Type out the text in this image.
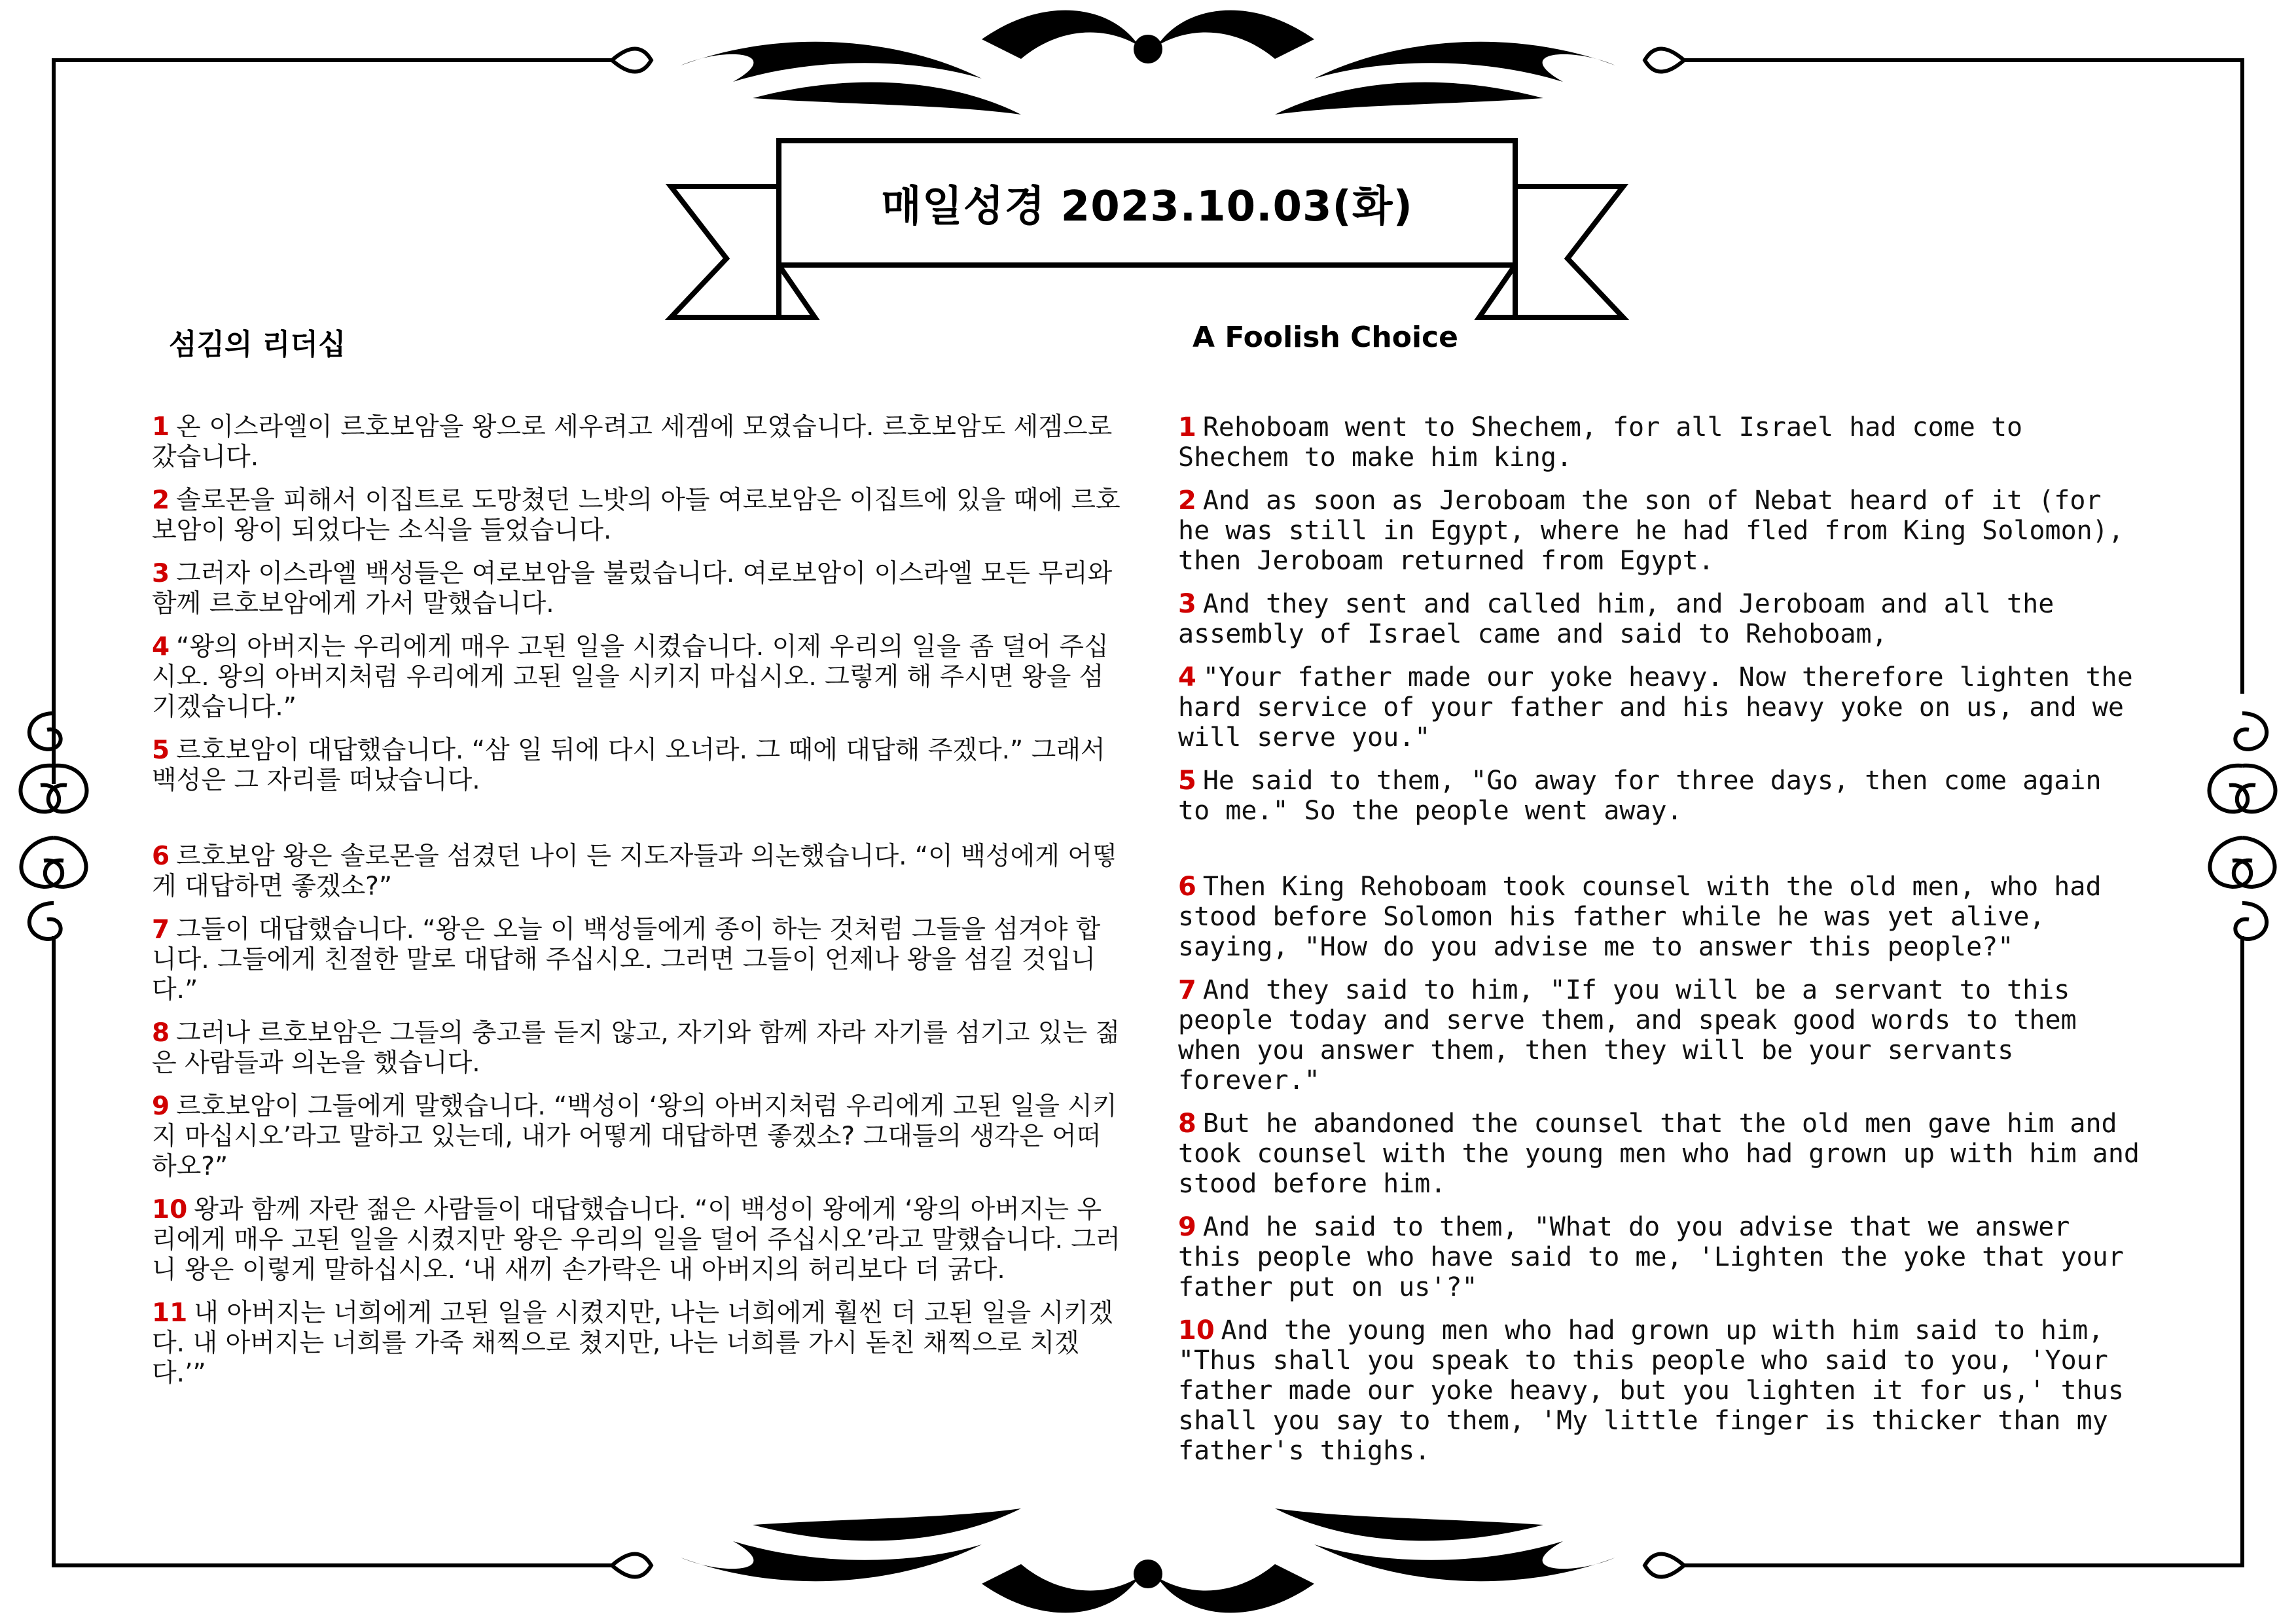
매일성경 2023.10.03(화)
섬김의 리더십	A Foolish Choice

1 온 이스라엘이 르호보암을 왕으로 세우려고 세겜에 모였습니다. 르호보암도 세겜으로 갔습니다.

2 솔로몬을 피해서 이집트로 도망쳤던 느밧의 아들 여로보암은 이집트에 있을 때에 르호보암이 왕이 되었다는 소식을 들었습니다.

3 그러자 이스라엘 백성들은 여로보암을 불렀습니다. 여로보암이 이스라엘 모든 무리와 함께 르호보암에게 가서 말했습니다.

4 “왕의 아버지는 우리에게 매우 고된 일을 시켰습니다. 이제 우리의 일을 좀 덜어 주십시오. 왕의 아버지처럼 우리에게 고된 일을 시키지 마십시오. 그렇게 해 주시면 왕을 섬기겠습니다.”

5 르호보암이 대답했습니다. “삼 일 뒤에 다시 오너라. 그 때에 대답해 주겠다.” 그래서 백성은 그 자리를 떠났습니다.

6 르호보암 왕은 솔로몬을 섬겼던 나이 든 지도자들과 의논했습니다. “이 백성에게 어떻게 대답하면 좋겠소?”

7 그들이 대답했습니다. “왕은 오늘 이 백성들에게 종이 하는 것처럼 그들을 섬겨야 합니다. 그들에게 친절한 말로 대답해 주십시오. 그러면 그들이 언제나 왕을 섬길 것입니다.”

8 그러나 르호보암은 그들의 충고를 듣지 않고, 자기와 함께 자라 자기를 섬기고 있는 젊은 사람들과 의논을 했습니다.

9 르호보암이 그들에게 말했습니다. “백성이 ‘왕의 아버지처럼 우리에게 고된 일을 시키지 마십시오’라고 말하고 있는데, 내가 어떻게 대답하면 좋겠소? 그대들의 생각은 어떠하오?”

10 왕과 함께 자란 젊은 사람들이 대답했습니다. “이 백성이 왕에게 ‘왕의 아버지는 우리에게 매우 고된 일을 시켰지만 왕은 우리의 일을 덜어 주십시오’라고 말했습니다. 그러니 왕은 이렇게 말하십시오. ‘내 새끼 손가락은 내 아버지의 허리보다 더 굵다.

11 내 아버지는 너희에게 고된 일을 시켰지만, 나는 너희에게 훨씬 더 고된 일을 시키겠다. 내 아버지는 너희를 가죽 채찍으로 쳤지만, 나는 너희를 가시 돋친 채찍으로 치겠다.’”

1 Rehoboam went to Shechem, for all Israel had come to Shechem to make him king.

2 And as soon as Jeroboam the son of Nebat heard of it (for he was still in Egypt, where he had fled from King Solomon), then Jeroboam returned from Egypt.

3 And they sent and called him, and Jeroboam and all the assembly of Israel came and said to Rehoboam,

4 "Your father made our yoke heavy. Now therefore lighten the hard service of your father and his heavy yoke on us, and we will serve you."

5 He said to them, "Go away for three days, then come again to me." So the people went away.

6 Then King Rehoboam took counsel with the old men, who had stood before Solomon his father while he was yet alive, saying, "How do you advise me to answer this people?"

7 And they said to him, "If you will be a servant to this people today and serve them, and speak good words to them when you answer them, then they will be your servants forever."

8 But he abandoned the counsel that the old men gave him and took counsel with the young men who had grown up with him and stood before him.

9 And he said to them, "What do you advise that we answer this people who have said to me, 'Lighten the yoke that your father put on us'?"

10 And the young men who had grown up with him said to him, "Thus shall you speak to this people who said to you, 'Your father made our yoke heavy, but you lighten it for us,' thus shall you say to them, 'My little finger is thicker than my father's thighs.
